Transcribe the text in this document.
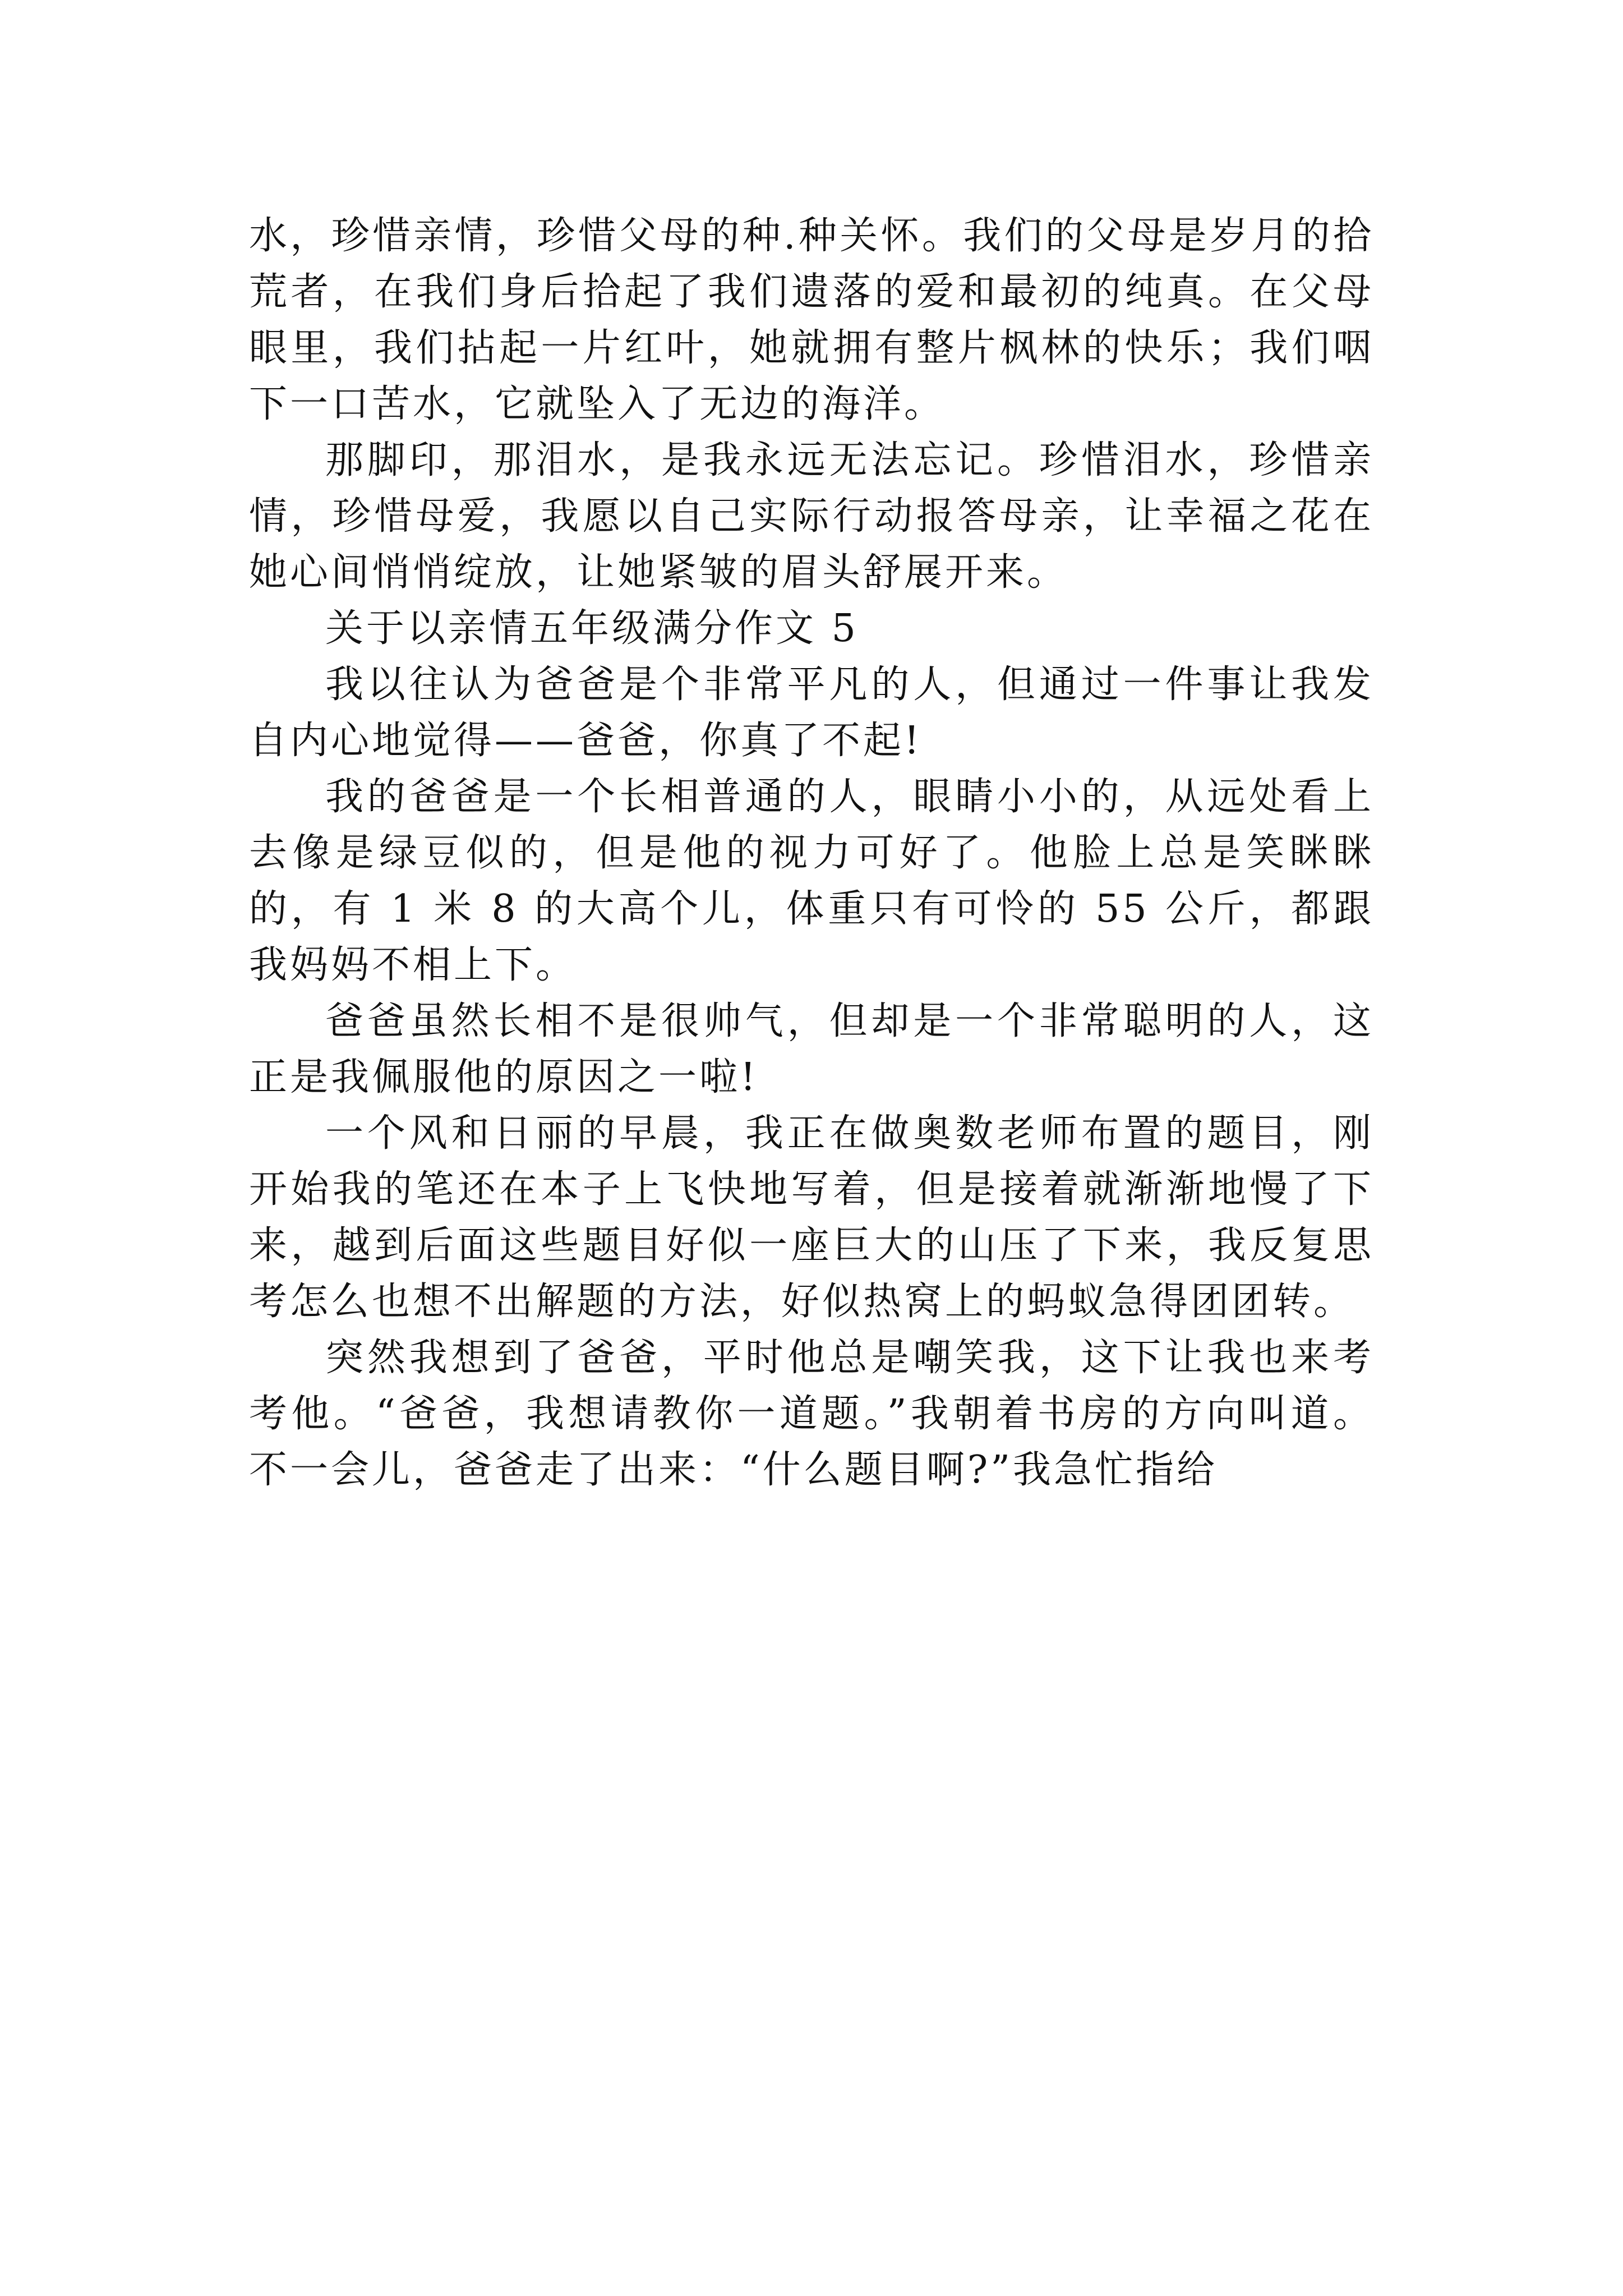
水，珍惜亲情，珍惜父母的种.种关怀。我们的父母是岁月的拾荒者，在我们身后拾起了我们遗落的爱和最初的纯真。在父母眼里，我们拈起一片红叶，她就拥有整片枫林的快乐；我们咽下一口苦水，它就坠入了无边的海洋。

那脚印，那泪水，是我永远无法忘记。珍惜泪水，珍惜亲情，珍惜母爱，我愿以自己实际行动报答母亲，让幸福之花在她心间悄悄绽放，让她紧皱的眉头舒展开来。

关于以亲情五年级满分作文 5

我以往认为爸爸是个非常平凡的人，但通过一件事让我发自内心地觉得——爸爸，你真了不起!

我的爸爸是一个长相普通的人，眼睛小小的，从远处看上去像是绿豆似的，但是他的视力可好了。他脸上总是笑眯眯的，有 1 米 8 的大高个儿，体重只有可怜的 55 公斤，都跟我妈妈不相上下。

爸爸虽然长相不是很帅气，但却是一个非常聪明的人，这正是我佩服他的原因之一啦!

一个风和日丽的早晨，我正在做奥数老师布置的题目，刚开始我的笔还在本子上飞快地写着，但是接着就渐渐地慢了下来，越到后面这些题目好似一座巨大的山压了下来，我反复思考怎么也想不出解题的方法，好似热窝上的蚂蚁急得团团转。

突然我想到了爸爸，平时他总是嘲笑我，这下让我也来考考他。“爸爸，我想请教你一道题。”我朝着书房的方向叫道。不一会儿，爸爸走了出来：“什么题目啊?”我急忙指给
